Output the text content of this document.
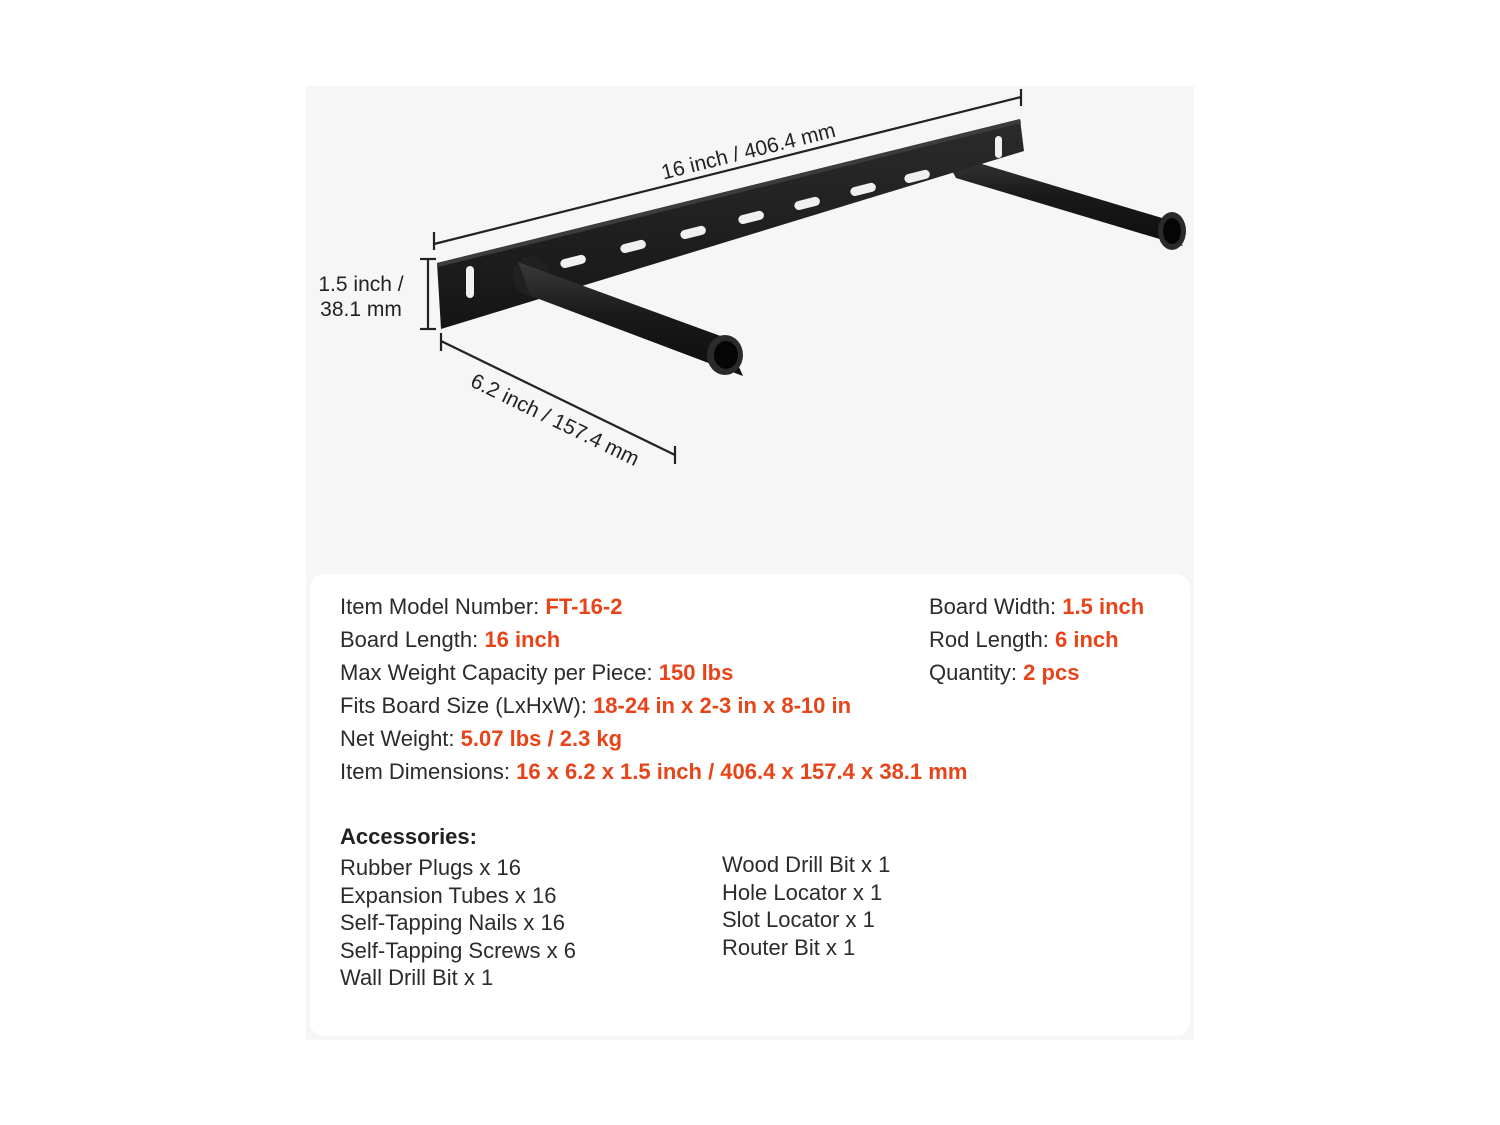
16 inch / 406.4 mm
1.5 inch /
38.1 mm
6.2 inch / 157.4 mm
Item Model Number: FT-16-2
Board Length: 16 inch
Max Weight Capacity per Piece: 150 lbs
Fits Board Size (LxHxW): 18-24 in x 2-3 in x 8-10 in
Net Weight: 5.07 lbs / 2.3 kg
Item Dimensions: 16 x 6.2 x 1.5 inch / 406.4 x 157.4 x 38.1 mm
Board Width: 1.5 inch
Rod Length: 6 inch
Quantity: 2 pcs
Accessories:
Rubber Plugs x 16
Expansion Tubes x 16
Self-Tapping Nails x 16
Self-Tapping Screws x 6
Wall Drill Bit x 1
Wood Drill Bit x 1
Hole Locator x 1
Slot Locator x 1
Router Bit x 1
